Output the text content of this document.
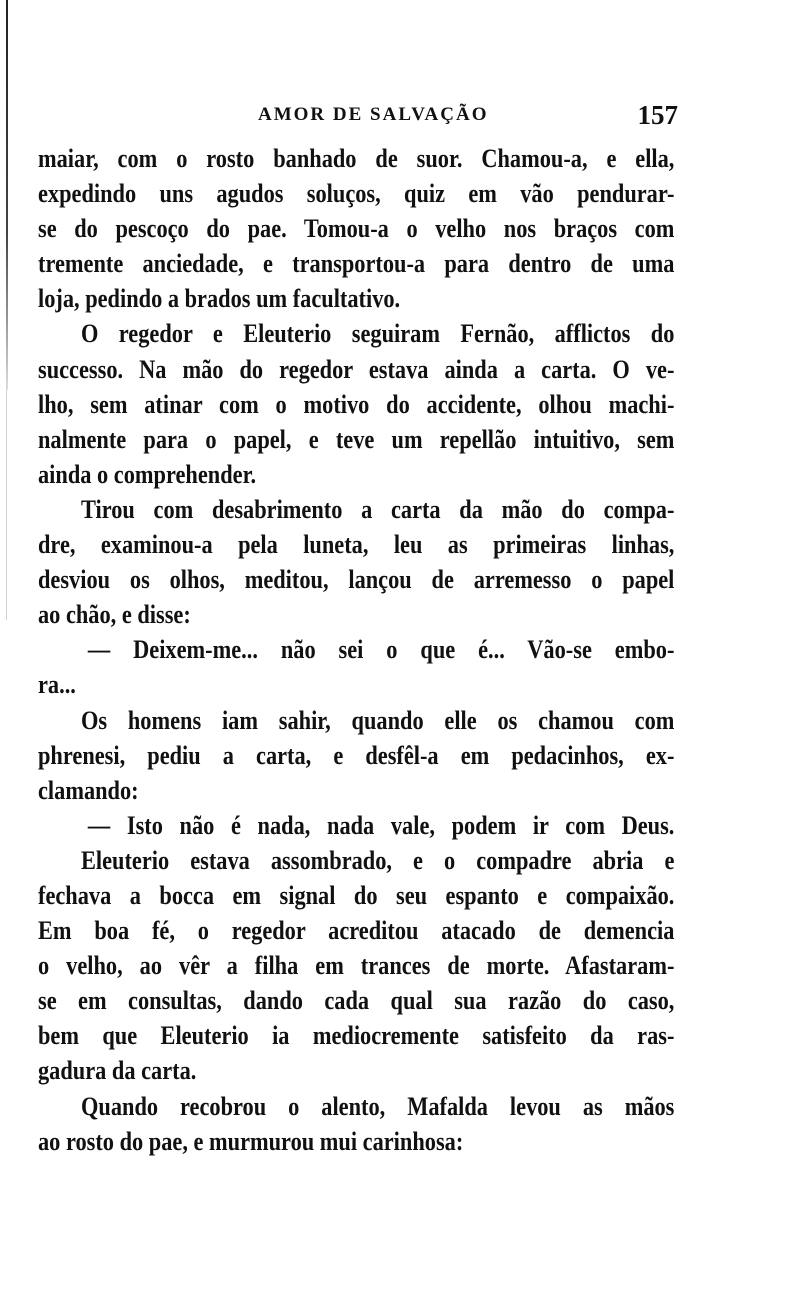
AMOR DE SALVAÇÃO	157
maiar, com o rosto banhado de suor. Chamou-a, e ella,
expedindo uns agudos soluços, quiz em vão pendurar-
se do pescoço do pae. Tomou-a o velho nos braços com
tremente anciedade, e transportou-a para dentro de uma
loja, pedindo a brados um facultativo.
O regedor e Eleuterio seguiram Fernão, afflictos do
successo. Na mão do regedor estava ainda a carta. O ve-
lho, sem atinar com o motivo do accidente, olhou machi-
nalmente para o papel, e teve um repellão intuitivo, sem
ainda o comprehender.
Tirou com desabrimento a carta da mão do compa-
dre, examinou-a pela luneta, leu as primeiras linhas,
desviou os olhos, meditou, lançou de arremesso o papel
ao chão, e disse:
— Deixem-me... não sei o que é... Vão-se embo-
ra...
Os homens iam sahir, quando elle os chamou com
phrenesi, pediu a carta, e desfêl-a em pedacinhos, ex-
clamando:
— Isto não é nada, nada vale, podem ir com Deus.
Eleuterio estava assombrado, e o compadre abria e
fechava a bocca em signal do seu espanto e compaixão.
Em boa fé, o regedor acreditou atacado de demencia
o velho, ao vêr a filha em trances de morte. Afastaram-
se em consultas, dando cada qual sua razão do caso,
bem que Eleuterio ia mediocremente satisfeito da ras-
gadura da carta.
Quando recobrou o alento, Mafalda levou as mãos
ao rosto do pae, e murmurou mui carinhosa:
